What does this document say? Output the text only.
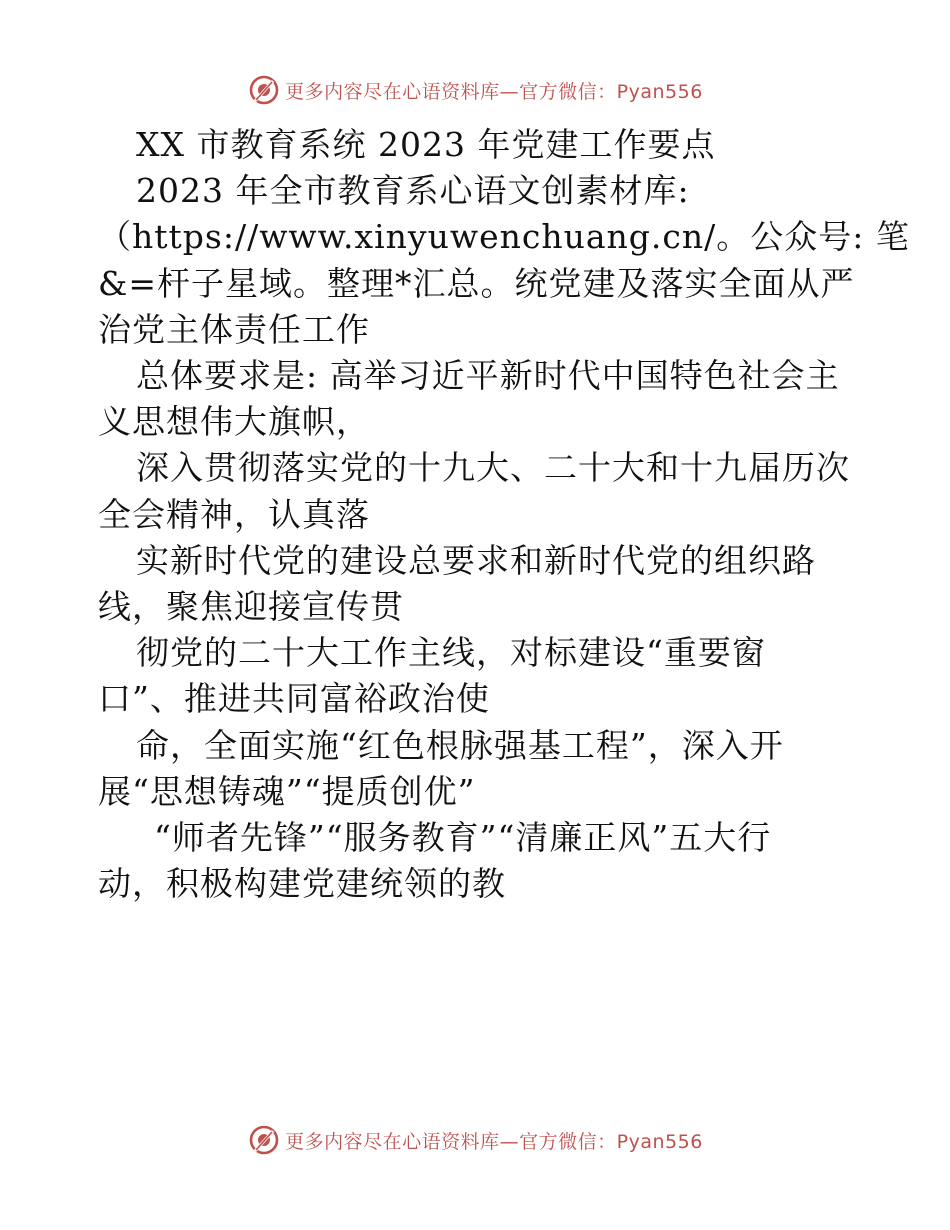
更多内容尽在心语资料库—官方微信：Pyan556
XX 市教育系统 2023 年党建工作要点
2023 年全市教育系心语文创素材库:
（https://www.xinyuwenchuang.cn/。公众号: 笔
&=杆子星域。整理*汇总。统党建及落实全面从严
治党主体责任工作
总体要求是: 高举习近平新时代中国特色社会主
义思想伟大旗帜，
深入贯彻落实党的十九大、二十大和十九届历次
全会精神，认真落
实新时代党的建设总要求和新时代党的组织路
线，聚焦迎接宣传贯
彻党的二十大工作主线，对标建设“重要窗
口”、推进共同富裕政治使
命，全面实施“红色根脉强基工程”，深入开
展“思想铸魂”“提质创优”
“师者先锋”“服务教育”“清廉正风”五大行
动，积极构建党建统领的教
更多内容尽在心语资料库—官方微信：Pyan556
